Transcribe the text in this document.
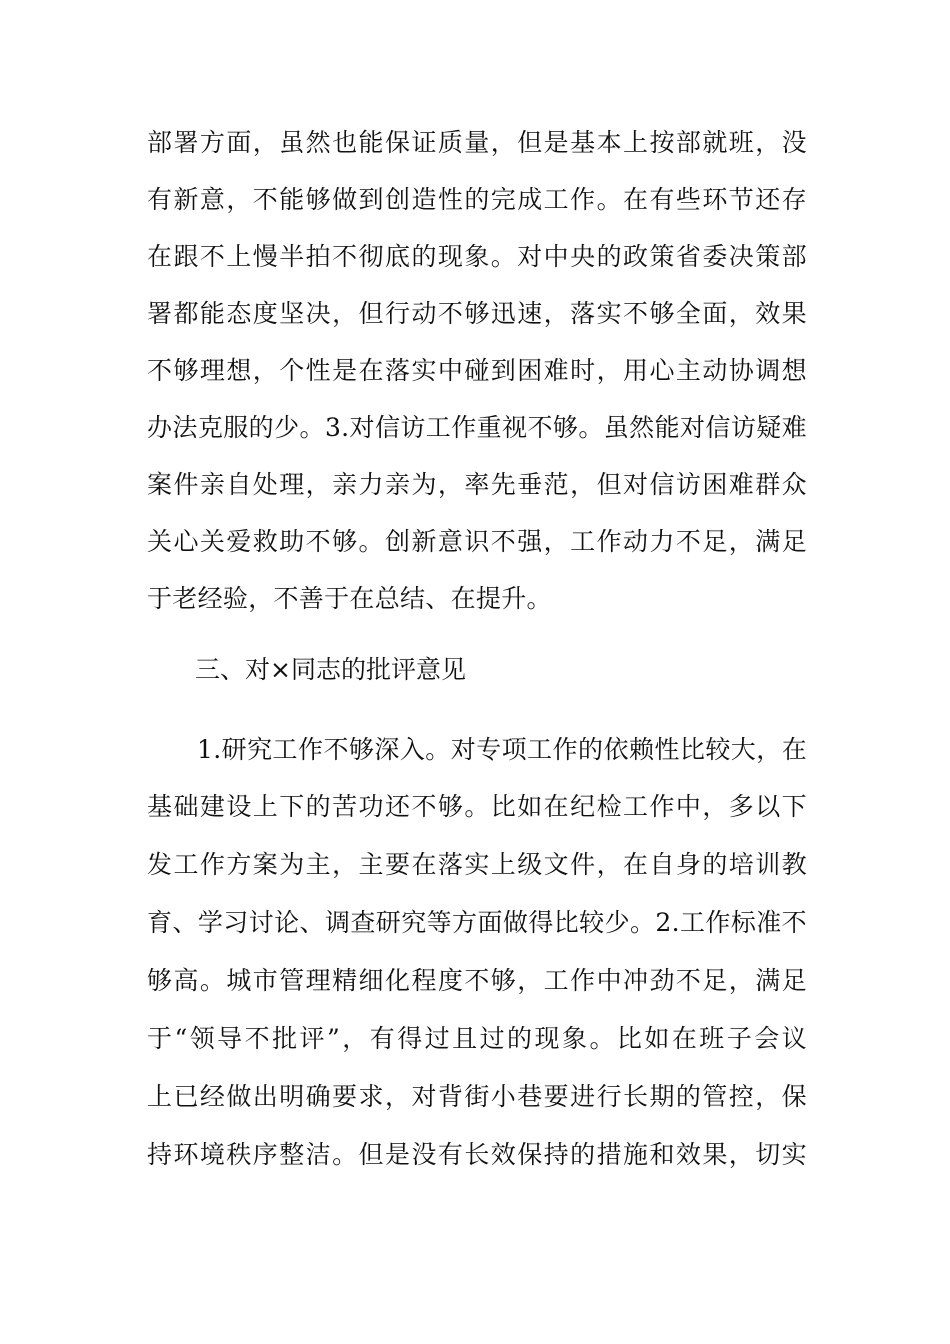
部署方面，虽然也能保证质量，但是基本上按部就班，没
有新意，不能够做到创造性的完成工作。在有些环节还存
在跟不上慢半拍不彻底的现象。对中央的政策省委决策部
署都能态度坚决，但行动不够迅速，落实不够全面，效果
不够理想，个性是在落实中碰到困难时，用心主动协调想
办法克服的少。3.对信访工作重视不够。虽然能对信访疑难
案件亲自处理，亲力亲为，率先垂范，但对信访困难群众
关心关爱救助不够。创新意识不强，工作动力不足，满足
于老经验，不善于在总结、在提升。
三、对×同志的批评意见
1.研究工作不够深入。对专项工作的依赖性比较大，在
基础建设上下的苦功还不够。比如在纪检工作中，多以下
发工作方案为主，主要在落实上级文件，在自身的培训教
育、学习讨论、调查研究等方面做得比较少。2.工作标准不
够高。城市管理精细化程度不够，工作中冲劲不足，满足
于“领导不批评”，有得过且过的现象。比如在班子会议
上已经做出明确要求，对背街小巷要进行长期的管控，保
持环境秩序整洁。但是没有长效保持的措施和效果，切实
